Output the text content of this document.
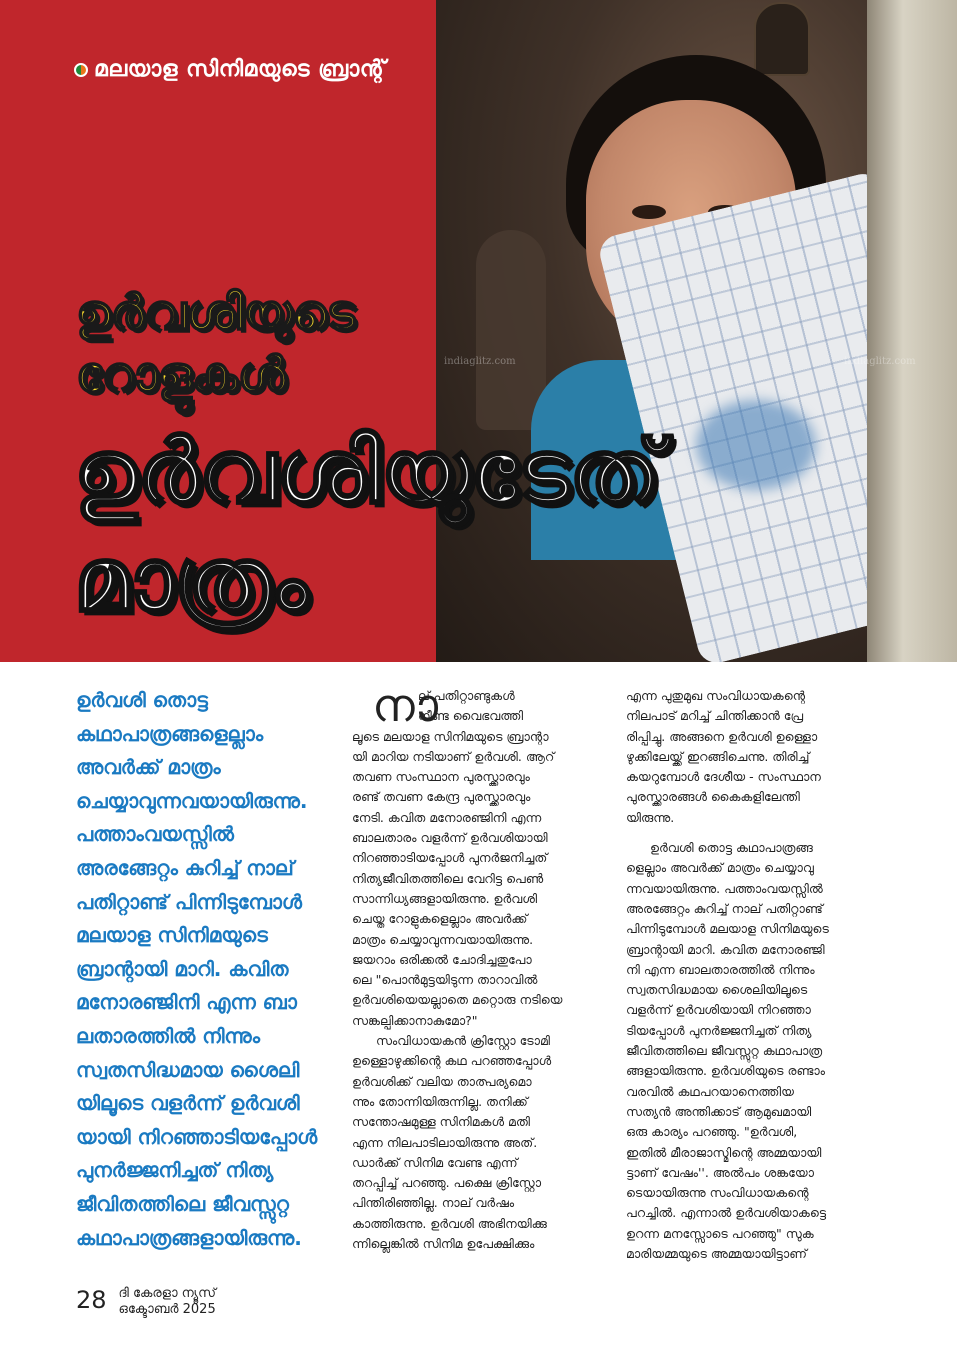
indiaglitz.com	indiaglitz.com
മലയാള സിനിമയുടെ ബ്രാന്റ്
ഉർവശിയുടെ
റോളുകൾ
ഉർവശിയുടേത്
മാത്രം
ഉർവശി തൊട്ട
കഥാപാത്രങ്ങളെല്ലാം
അവർക്ക് മാത്രം
ചെയ്യാവുന്നവയായിരുന്നു.
പത്താംവയസ്സിൽ
അരങ്ങേറ്റം കുറിച്ച് നാല്
പതിറ്റാണ്ട് പിന്നിടുമ്പോൾ
മലയാള സിനിമയുടെ
ബ്രാന്റായി മാറി. കവിത
മനോരഞ്ജിനി എന്ന ബാ
ലതാരത്തിൽ നിന്നും
സ്വതസിദ്ധമായ ശൈലി
യിലൂടെ വളർന്ന് ഉർവശി
യായി നിറഞ്ഞാടിയപ്പോൾ
പുനർജ്ജനിച്ചത് നിത്യ
ജീവിതത്തിലെ ജീവസ്സുറ്റ
കഥാപാത്രങ്ങളായിരുന്നു.
നാ
ല് പതിറ്റാണ്ടുകൾ
നീണ്ട വൈഭവത്തി
ലൂടെ മലയാള സിനിമയുടെ ബ്രാന്റാ
യി മാറിയ നടിയാണ് ഉർവശി. ആറ്
തവണ സംസ്ഥാന പുരസ്ക്കാരവും
രണ്ട് തവണ കേന്ദ്ര പുരസ്ക്കാരവും
നേടി. കവിത മനോരഞ്ജിനി എന്ന
ബാലതാരം വളർന്ന് ഉർവശിയായി
നിറഞ്ഞാടിയപ്പോൾ പുനർജനിച്ചത്
നിത്യജീവിതത്തിലെ വേറിട്ട പെൺ
സാന്നിധ്യങ്ങളായിരുന്നു. ഉർവശി
ചെയ്ത റോളുകളെല്ലാം അവർക്ക്
മാത്രം ചെയ്യാവുന്നവയായിരുന്നു.
ജയറാം ഒരിക്കൽ ചോദിച്ചതുപോ
ലെ "പൊൻമുട്ടയിടുന്ന താറാവിൽ
ഉർവശിയെയല്ലാതെ മറ്റൊരു നടിയെ
സങ്കല്പിക്കാനാകുമോ?"
സംവിധായകൻ ക്രിസ്റ്റോ ടോമി
ഉള്ളൊഴുക്കിന്റെ കഥ പറഞ്ഞപ്പോൾ
ഉർവശിക്ക് വലിയ താത്പര്യമൊ
ന്നും തോന്നിയിരുന്നില്ല. തനിക്ക്
സന്തോഷമുള്ള സിനിമകൾ മതി
എന്ന നിലപാടിലായിരുന്നു അത്.
ഡാർക്ക് സിനിമ വേണ്ട എന്ന്
തറപ്പിച്ച് പറഞ്ഞു. പക്ഷെ ക്രിസ്റ്റോ
പിന്തിരിഞ്ഞില്ല. നാല് വർഷം
കാത്തിരുന്നു. ഉർവശി അഭിനയിക്കു
ന്നില്ലെങ്കിൽ സിനിമ ഉപേക്ഷിക്കും
എന്ന പുതുമുഖ സംവിധായകന്റെ
നിലപാട് മറിച്ച് ചിന്തിക്കാൻ പ്രേ
രിപ്പിച്ചു. അങ്ങനെ ഉർവശി ഉള്ളൊ
ഴുക്കിലേയ്ക്ക് ഇറങ്ങിചെന്നു. തിരിച്ച്
കയറുമ്പോൾ ദേശീയ - സംസ്ഥാന
പുരസ്ക്കാരങ്ങൾ കൈകളിലേന്തി
യിരുന്നു.
ഉർവശി തൊട്ട കഥാപാത്രങ്ങ
ളെല്ലാം അവർക്ക് മാത്രം ചെയ്യാവു
ന്നവയായിരുന്നു. പത്താംവയസ്സിൽ
അരങ്ങേറ്റം കുറിച്ച് നാല് പതിറ്റാണ്ട്
പിന്നിടുമ്പോൾ മലയാള സിനിമയുടെ
ബ്രാന്റായി മാറി. കവിത മനോരഞ്ജി
നി എന്ന ബാലതാരത്തിൽ നിന്നും
സ്വതസിദ്ധമായ ശൈലിയിലൂടെ
വളർന്ന് ഉർവശിയായി നിറഞ്ഞാ
ടിയപ്പോൾ പുനർജ്ജനിച്ചത് നിത്യ
ജീവിതത്തിലെ ജീവസ്സുറ്റ കഥാപാത്ര
ങ്ങളായിരുന്നു. ഉർവശിയുടെ രണ്ടാം
വരവിൽ കഥപറയാനെത്തിയ
സത്യൻ അന്തിക്കാട് ആമുഖമായി
ഒരു കാര്യം പറഞ്ഞു. "ഉർവശി,
ഇതിൽ മീരാജാസ്മിന്റെ അമ്മയായി
ട്ടാണ് വേഷം''. അൽപം ശങ്കയോ
ടെയായിരുന്നു സംവിധായകന്റെ
പറച്ചിൽ. എന്നാൽ ഉർവശിയാകട്ടെ
ഉറന്ന മനസ്സോടെ പറഞ്ഞു" സുക
മാരിയമ്മയുടെ അമ്മയായിട്ടാണ്
28 ദി കേരളാ ന്യൂസ്
ഒക്ടോബർ 2025
